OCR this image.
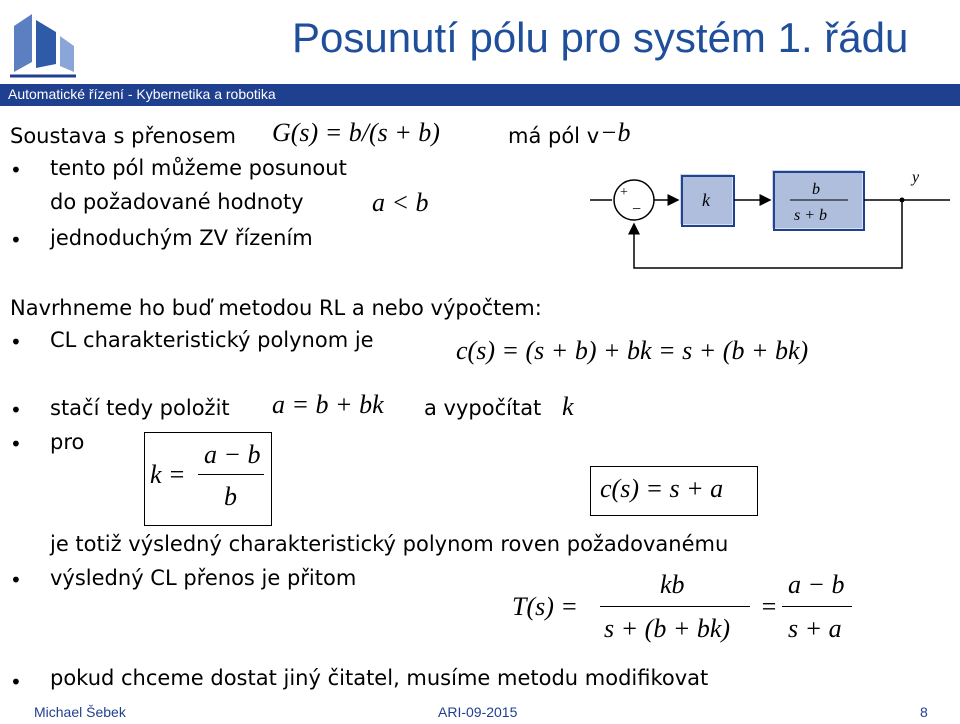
Posunutí pólu pro systém 1. řádu
Automatické řízení - Kybernetika a robotika
Soustava s přenosem G(s) = b/(s + b)	má pól v −b
• tento pól můžeme posunout
do požadované hodnoty	a < b
• jednoduchým ZV řízením
+
−	k
b
s + b
y
Navrhneme ho buď metodou RL a nebo výpočtem:
• CL charakteristický polynom je	c(s) = (s + b) + bk = s + (b + bk)
• stačí tedy položit a = b + bk a vypočítat k
• pro
k =
a − b
b	c(s) = s + a
je totiž výsledný charakteristický polynom roven požadovanému
• výsledný CL přenos je přitom
T(s) =
kb
s + (b + bk)
=
a − b
s + a
• pokud chceme dostat jiný čitatel, musíme metodu modifikovat
Michael Šebek	ARI-09-2015	8
